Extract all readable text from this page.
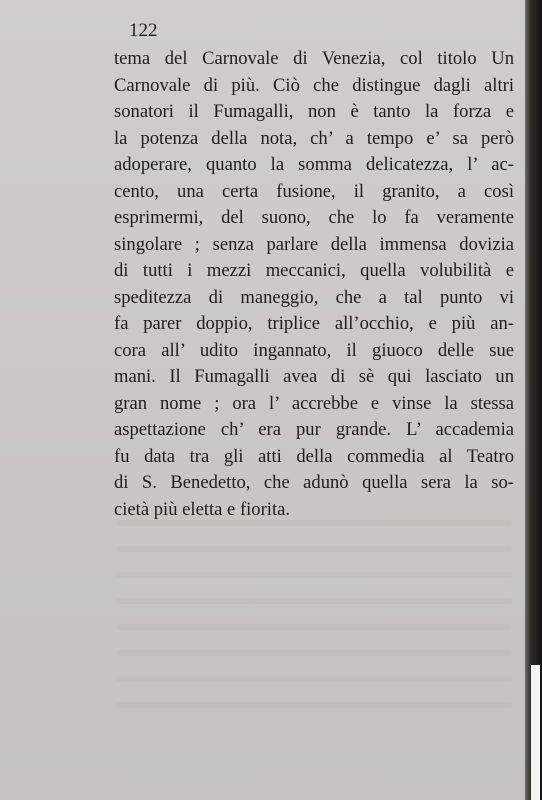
122
tema del Carnovale di Venezia, col titolo Un
Carnovale di più. Ciò che distingue dagli altri
sonatori il Fumagalli, non è tanto la forza e
la potenza della nota, ch’ a tempo e’ sa però
adoperare, quanto la somma delicatezza, l’ ac-
cento, una certa fusione, il granito, a così
esprimermi, del suono, che lo fa veramente
singolare ; senza parlare della immensa dovizia
di tutti i mezzi meccanici, quella volubilità e
speditezza di maneggio, che a tal punto vi
fa parer doppio, triplice all’occhio, e più an-
cora all’ udito ingannato, il giuoco delle sue
mani. Il Fumagalli avea di sè qui lasciato un
gran nome ; ora l’ accrebbe e vinse la stessa
aspettazione ch’ era pur grande. L’ accademia
fu data tra gli atti della commedia al Teatro
di S. Benedetto, che adunò quella sera la so-
cietà più eletta e fiorita.
